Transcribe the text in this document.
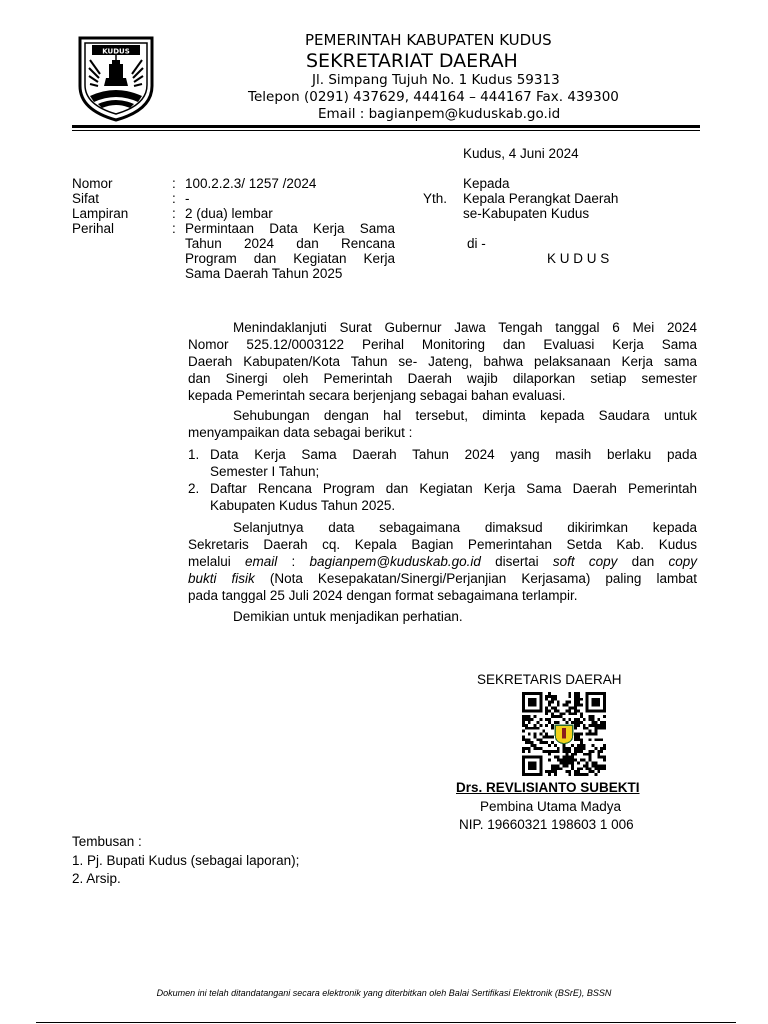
KUDUS
PEMERINTAH KABUPATEN KUDUS
SEKRETARIAT DAERAH
Jl. Simpang Tujuh No. 1 Kudus 59313
Telepon (0291) 437629, 444164 – 444167 Fax. 439300
Email : bagianpem@kuduskab.go.id
Kudus, 4 Juni 2024
Nomor	: 100.2.2.3/ 1257 /2024
Sifat	: -
Lampiran	: 2 (dua) lembar
Perihal	: Permintaan Data Kerja Sama
Tahun 2024 dan Rencana
Program dan Kegiatan Kerja
Sama Daerah Tahun 2025
Kepada
Yth. Kepala Perangkat Daerah
se-Kabupaten Kudus
di -
K U D U S
Menindaklanjuti Surat Gubernur Jawa Tengah tanggal 6 Mei 2024
Nomor 525.12/0003122 Perihal Monitoring dan Evaluasi Kerja Sama
Daerah Kabupaten/Kota Tahun se- Jateng, bahwa pelaksanaan Kerja sama
dan Sinergi oleh Pemerintah Daerah wajib dilaporkan setiap semester
kepada Pemerintah secara berjenjang sebagai bahan evaluasi.
Sehubungan dengan hal tersebut, diminta kepada Saudara untuk
menyampaikan data sebagai berikut :
1. Data Kerja Sama Daerah Tahun 2024 yang masih berlaku pada
Semester I Tahun;
2. Daftar Rencana Program dan Kegiatan Kerja Sama Daerah Pemerintah
Kabupaten Kudus Tahun 2025.
Selanjutnya data sebagaimana dimaksud dikirimkan kepada
Sekretaris Daerah cq. Kepala Bagian Pemerintahan Setda Kab. Kudus
melalui email : bagianpem@kuduskab.go.id disertai soft copy dan copy
bukti fisik (Nota Kesepakatan/Sinergi/Perjanjian Kerjasama) paling lambat
pada tanggal 25 Juli 2024 dengan format sebagaimana terlampir.
Demikian untuk menjadikan perhatian.
SEKRETARIS DAERAH
Drs. REVLISIANTO SUBEKTI
Pembina Utama Madya
NIP. 19660321 198603 1 006
Tembusan :
1. Pj. Bupati Kudus (sebagai laporan);
2. Arsip.
Dokumen ini telah ditandatangani secara elektronik yang diterbitkan oleh Balai Sertifikasi Elektronik (BSrE), BSSN
